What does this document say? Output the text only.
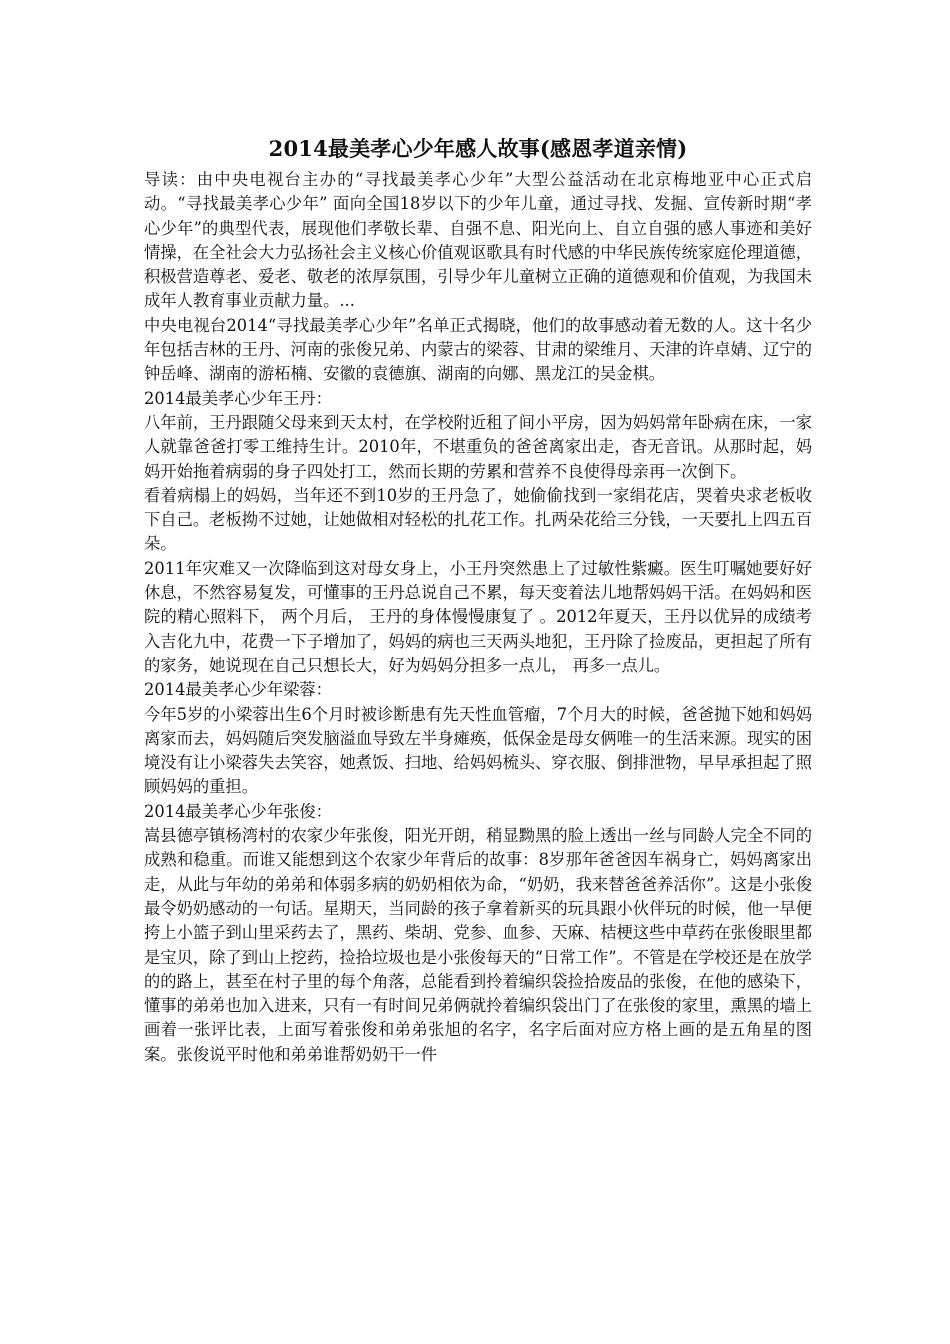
2014最美孝心少年感人故事(感恩孝道亲情)

导读：由中央电视台主办的“寻找最美孝心少年”大型公益活动在北京梅地亚中心正式启动。“寻找最美孝心少年” 面向全国18岁以下的少年儿童，通过寻找、发掘、宣传新时期“孝心少年”的典型代表，展现他们孝敬长辈、自强不息、阳光向上、自立自强的感人事迹和美好情操，在全社会大力弘扬社会主义核心价值观讴歌具有时代感的中华民族传统家庭伦理道德，积极营造尊老、爱老、敬老的浓厚氛围，引导少年儿童树立正确的道德观和价值观，为我国未成年人教育事业贡献力量。...

中央电视台2014“寻找最美孝心少年”名单正式揭晓，他们的故事感动着无数的人。这十名少年包括吉林的王丹、河南的张俊兄弟、内蒙古的梁蓉、甘肃的梁维月、天津的许卓婧、辽宁的钟岳峰、湖南的游柘楠、安徽的袁德旗、湖南的向娜、黑龙江的吴金棋。

2014最美孝心少年王丹：

八年前，王丹跟随父母来到天太村，在学校附近租了间小平房，因为妈妈常年卧病在床，一家人就靠爸爸打零工维持生计。2010年，不堪重负的爸爸离家出走，杳无音讯。从那时起，妈妈开始拖着病弱的身子四处打工，然而长期的劳累和营养不良使得母亲再一次倒下。

看着病榻上的妈妈，当年还不到10岁的王丹急了，她偷偷找到一家绢花店，哭着央求老板收下自己。老板拗不过她，让她做相对轻松的扎花工作。扎两朵花给三分钱，一天要扎上四五百朵。

2011年灾难又一次降临到这对母女身上，小王丹突然患上了过敏性紫癜。医生叮嘱她要好好休息，不然容易复发，可懂事的王丹总说自己不累，每天变着法儿地帮妈妈干活。在妈妈和医院的精心照料下， 两个月后， 王丹的身体慢慢康复了 。2012年夏天，王丹以优异的成绩考入吉化九中，花费一下子增加了，妈妈的病也三天两头地犯，王丹除了捡废品，更担起了所有的家务，她说现在自己只想长大，好为妈妈分担多一点儿， 再多一点儿。

2014最美孝心少年梁蓉：

今年5岁的小梁蓉出生6个月时被诊断患有先天性血管瘤，7个月大的时候，爸爸抛下她和妈妈离家而去，妈妈随后突发脑溢血导致左半身瘫痪，低保金是母女俩唯一的生活来源。现实的困境没有让小梁蓉失去笑容，她煮饭、扫地、给妈妈梳头、穿衣服、倒排泄物，早早承担起了照顾妈妈的重担。

2014最美孝心少年张俊：

嵩县德亭镇杨湾村的农家少年张俊，阳光开朗，稍显黝黑的脸上透出一丝与同龄人完全不同的成熟和稳重。而谁又能想到这个农家少年背后的故事：8岁那年爸爸因车祸身亡，妈妈离家出走，从此与年幼的弟弟和体弱多病的奶奶相依为命，“奶奶，我来替爸爸养活你”。这是小张俊最令奶奶感动的一句话。星期天，当同龄的孩子拿着新买的玩具跟小伙伴玩的时候，他一早便挎上小篮子到山里采药去了，黑药、柴胡、党参、血参、天麻、桔梗这些中草药在张俊眼里都是宝贝，除了到山上挖药，捡拾垃圾也是小张俊每天的“日常工作”。不管是在学校还是在放学的的路上，甚至在村子里的每个角落，总能看到拎着编织袋捡拾废品的张俊，在他的感染下，懂事的弟弟也加入进来，只有一有时间兄弟俩就拎着编织袋出门了在张俊的家里，熏黑的墙上画着一张评比表，上面写着张俊和弟弟张旭的名字，名字后面对应方格上画的是五角星的图案。张俊说平时他和弟弟谁帮奶奶干一件
